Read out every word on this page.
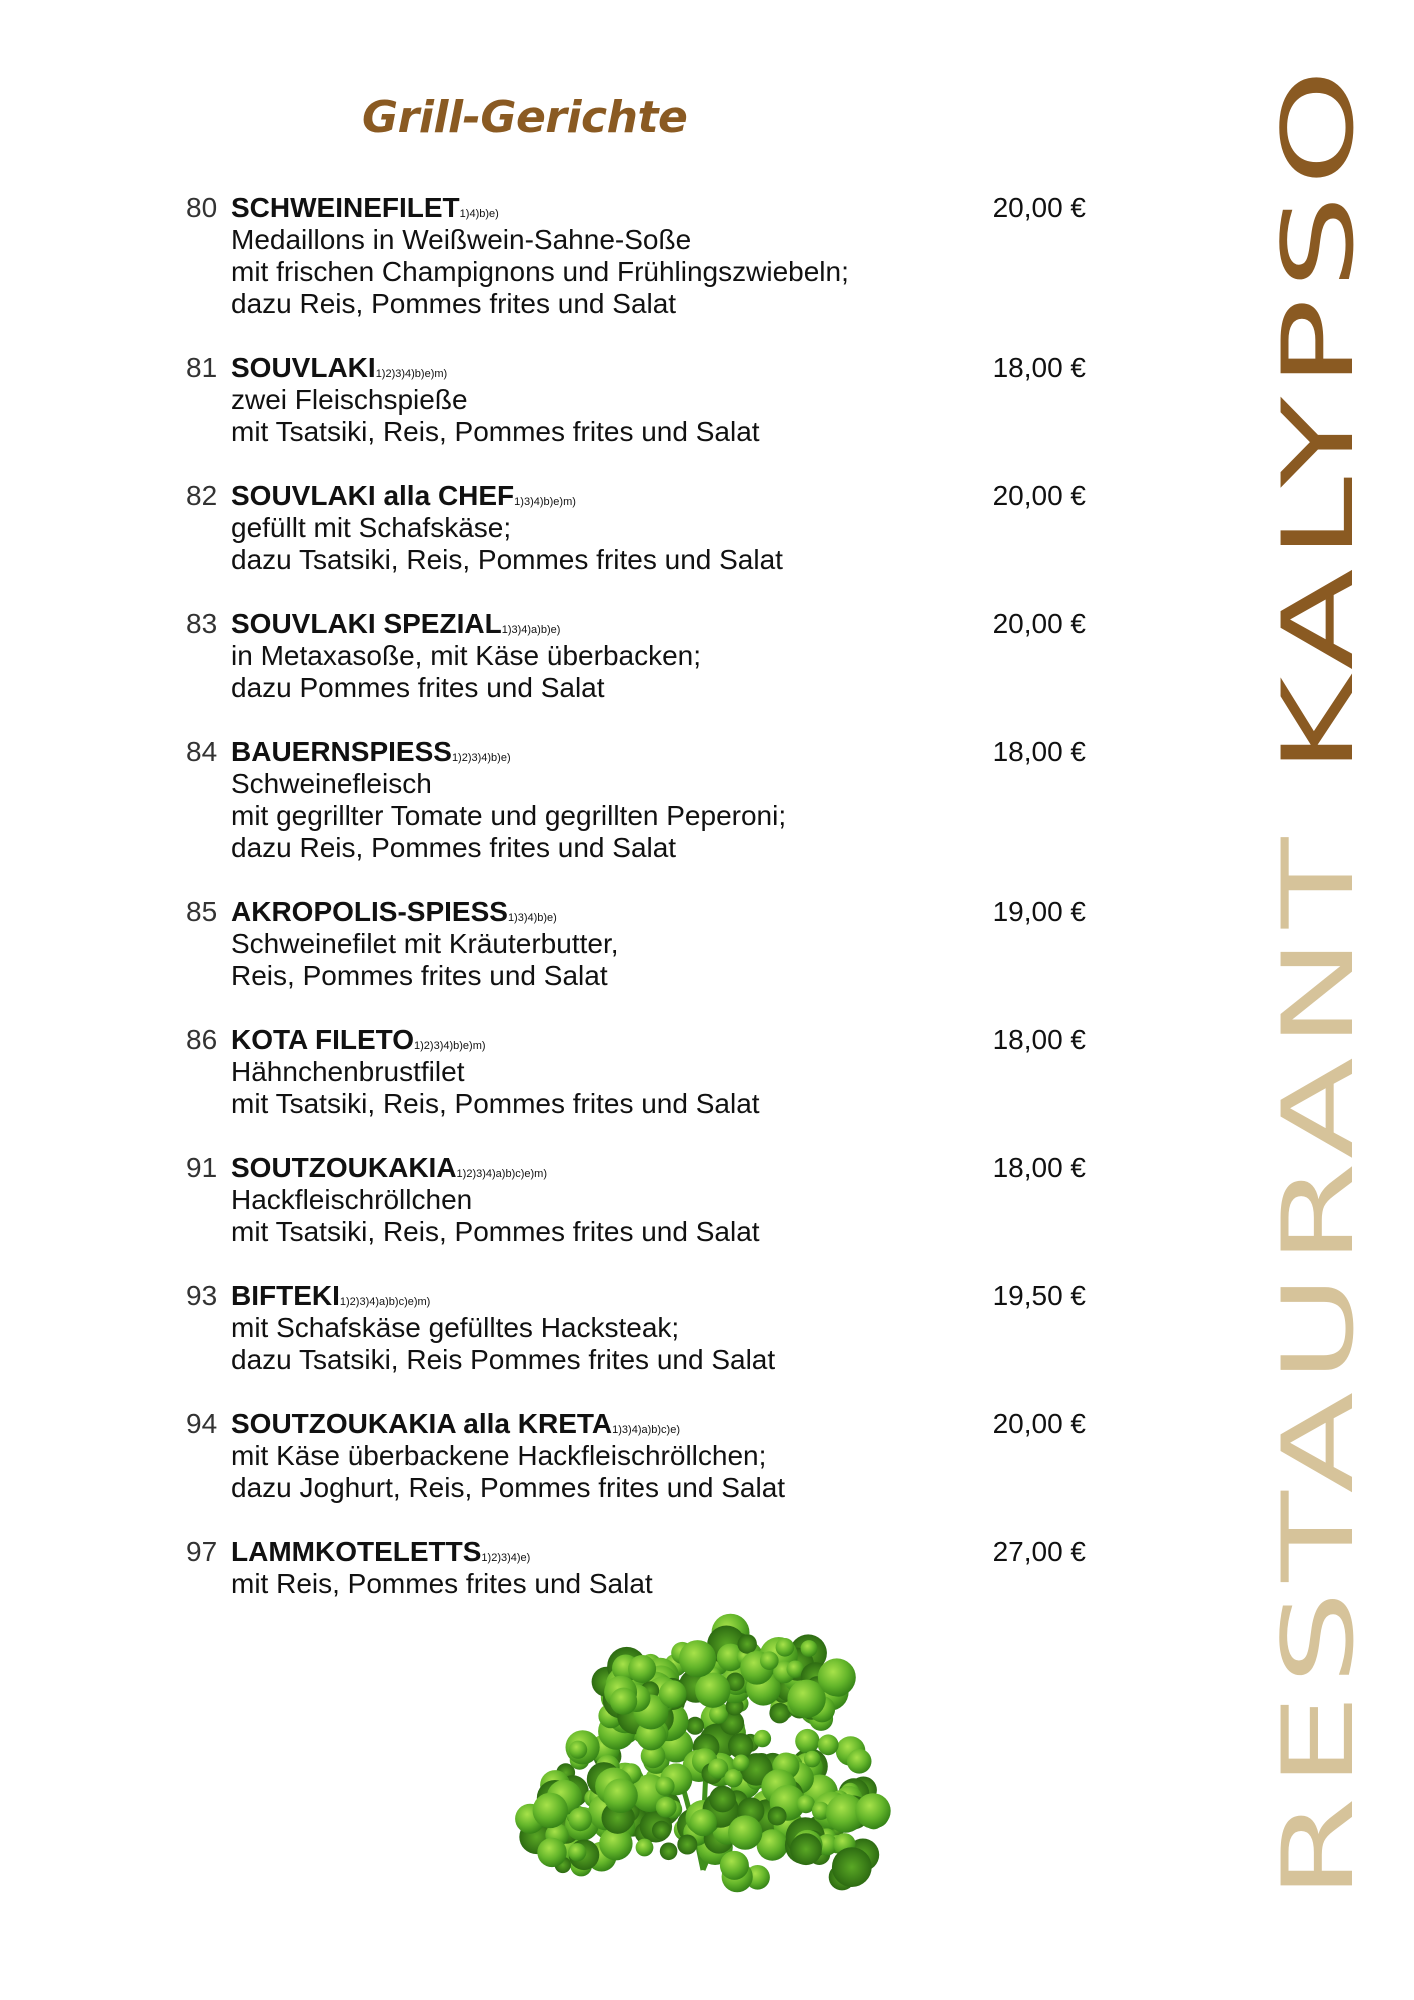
Grill-Gerichte
80 SCHWEINEFILET1)4)b)e)	20,00 €
Medaillons in Weißwein-Sahne-Soße
mit frischen Champignons und Frühlingszwiebeln;
dazu Reis, Pommes frites und Salat
81 SOUVLAKI1)2)3)4)b)e)m)	18,00 €
zwei Fleischspieße
mit Tsatsiki, Reis, Pommes frites und Salat
82 SOUVLAKI alla CHEF1)3)4)b)e)m)	20,00 €
gefüllt mit Schafskäse;
dazu Tsatsiki, Reis, Pommes frites und Salat
83 SOUVLAKI SPEZIAL1)3)4)a)b)e)	20,00 €
in Metaxasoße, mit Käse überbacken;
dazu Pommes frites und Salat
84 BAUERNSPIESS1)2)3)4)b)e)	18,00 €
Schweinefleisch
mit gegrillter Tomate und gegrillten Peperoni;
dazu Reis, Pommes frites und Salat
85 AKROPOLIS-SPIESS1)3)4)b)e)	19,00 €
Schweinefilet mit Kräuterbutter,
Reis, Pommes frites und Salat
86 KOTA FILETO1)2)3)4)b)e)m)	18,00 €
Hähnchenbrustfilet
mit Tsatsiki, Reis, Pommes frites und Salat
91 SOUTZOUKAKIA1)2)3)4)a)b)c)e)m)	18,00 €
Hackfleischröllchen
mit Tsatsiki, Reis, Pommes frites und Salat
93 BIFTEKI1)2)3)4)a)b)c)e)m)	19,50 €
mit Schafskäse gefülltes Hacksteak;
dazu Tsatsiki, Reis Pommes frites und Salat
94 SOUTZOUKAKIA alla KRETA1)3)4)a)b)c)e)	20,00 €
mit Käse überbackene Hackfleischröllchen;
dazu Joghurt, Reis, Pommes frites und Salat
97 LAMMKOTELETTS1)2)3)4)e)	27,00 €
mit Reis, Pommes frites und Salat	RESTAURANTKALYPSO
